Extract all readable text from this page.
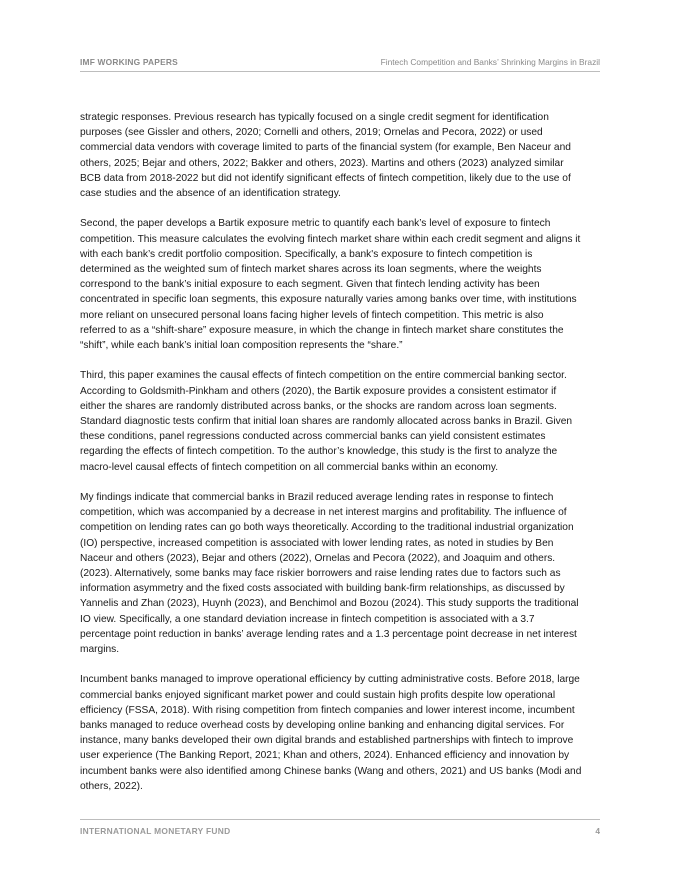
IMF WORKING PAPERS	Fintech Competition and Banks’ Shrinking Margins in Brazil
strategic responses. Previous research has typically focused on a single credit segment for identification
purposes (see Gissler and others, 2020; Cornelli and others, 2019; Ornelas and Pecora, 2022) or used
commercial data vendors with coverage limited to parts of the financial system (for example, Ben Naceur and
others, 2025; Bejar and others, 2022; Bakker and others, 2023). Martins and others (2023) analyzed similar
BCB data from 2018-2022 but did not identify significant effects of fintech competition, likely due to the use of
case studies and the absence of an identification strategy.
Second, the paper develops a Bartik exposure metric to quantify each bank’s level of exposure to fintech
competition. This measure calculates the evolving fintech market share within each credit segment and aligns it
with each bank’s credit portfolio composition. Specifically, a bank's exposure to fintech competition is
determined as the weighted sum of fintech market shares across its loan segments, where the weights
correspond to the bank’s initial exposure to each segment. Given that fintech lending activity has been
concentrated in specific loan segments, this exposure naturally varies among banks over time, with institutions
more reliant on unsecured personal loans facing higher levels of fintech competition. This metric is also
referred to as a “shift-share” exposure measure, in which the change in fintech market share constitutes the
“shift”, while each bank’s initial loan composition represents the “share.”
Third, this paper examines the causal effects of fintech competition on the entire commercial banking sector.
According to Goldsmith-Pinkham and others (2020), the Bartik exposure provides a consistent estimator if
either the shares are randomly distributed across banks, or the shocks are random across loan segments.
Standard diagnostic tests confirm that initial loan shares are randomly allocated across banks in Brazil. Given
these conditions, panel regressions conducted across commercial banks can yield consistent estimates
regarding the effects of fintech competition. To the author’s knowledge, this study is the first to analyze the
macro-level causal effects of fintech competition on all commercial banks within an economy.
My findings indicate that commercial banks in Brazil reduced average lending rates in response to fintech
competition, which was accompanied by a decrease in net interest margins and profitability. The influence of
competition on lending rates can go both ways theoretically. According to the traditional industrial organization
(IO) perspective, increased competition is associated with lower lending rates, as noted in studies by Ben
Naceur and others (2023), Bejar and others (2022), Ornelas and Pecora (2022), and Joaquim and others.
(2023). Alternatively, some banks may face riskier borrowers and raise lending rates due to factors such as
information asymmetry and the fixed costs associated with building bank-firm relationships, as discussed by
Yannelis and Zhan (2023), Huynh (2023), and Benchimol and Bozou (2024). This study supports the traditional
IO view. Specifically, a one standard deviation increase in fintech competition is associated with a 3.7
percentage point reduction in banks’ average lending rates and a 1.3 percentage point decrease in net interest
margins.
Incumbent banks managed to improve operational efficiency by cutting administrative costs. Before 2018, large
commercial banks enjoyed significant market power and could sustain high profits despite low operational
efficiency (FSSA, 2018). With rising competition from fintech companies and lower interest income, incumbent
banks managed to reduce overhead costs by developing online banking and enhancing digital services. For
instance, many banks developed their own digital brands and established partnerships with fintech to improve
user experience (The Banking Report, 2021; Khan and others, 2024). Enhanced efficiency and innovation by
incumbent banks were also identified among Chinese banks (Wang and others, 2021) and US banks (Modi and
others, 2022).
INTERNATIONAL MONETARY FUND	4
